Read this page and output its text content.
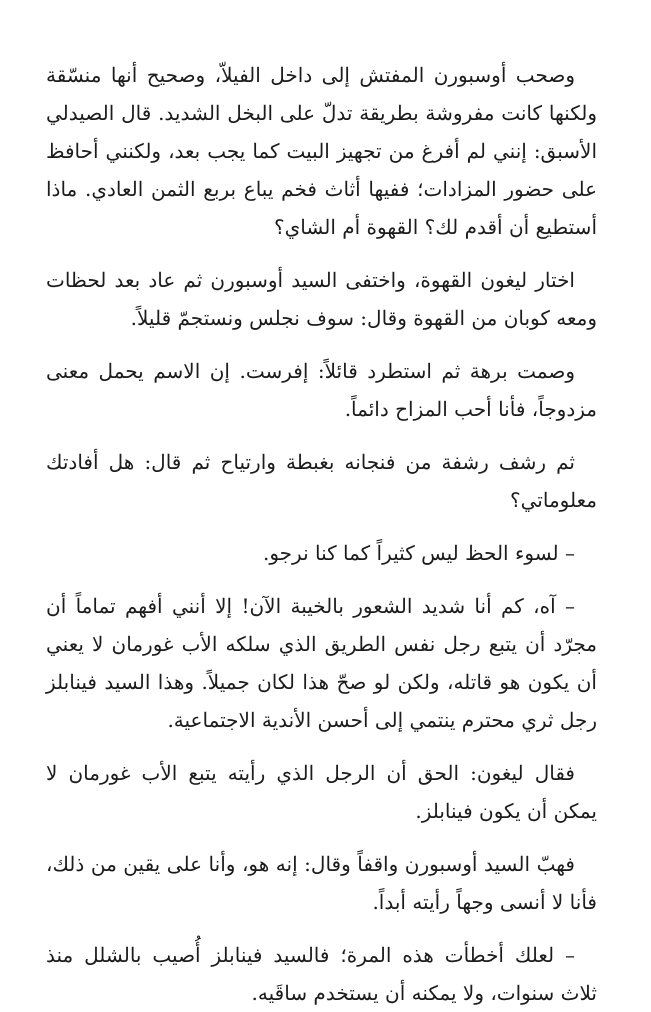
وصحب أوسبورن المفتش إلى داخل الفيلاّ، وصحيح أنها منسّقة ولكنها كانت مفروشة بطريقة تدلّ على البخل الشديد. قال الصيدلي الأسبق: إنني لم أفرغ من تجهيز البيت كما يجب بعد، ولكنني أحافظ على حضور المزادات؛ ففيها أثاث فخم يباع بربع الثمن العادي. ماذا أستطيع أن أقدم لك؟ القهوة أم الشاي؟

اختار ليغون القهوة، واختفى السيد أوسبورن ثم عاد بعد لحظات ومعه كوبان من القهوة وقال: سوف نجلس ونستجمّ قليلاً.

وصمت برهة ثم استطرد قائلاً: إفرست. إن الاسم يحمل معنى مزدوجاً، فأنا أحب المزاح دائماً.

ثم رشف رشفة من فنجانه بغبطة وارتياح ثم قال: هل أفادتك معلوماتي؟

– لسوء الحظ ليس كثيراً كما كنا نرجو.

– آه، كم أنا شديد الشعور بالخيبة الآن! إلا أنني أفهم تماماً أن مجرّد أن يتبع رجل نفس الطريق الذي سلكه الأب غورمان لا يعني أن يكون هو قاتله، ولكن لو صحّ هذا لكان جميلاً. وهذا السيد فينابلز رجل ثري محترم ينتمي إلى أحسن الأندية الاجتماعية.

فقال ليغون: الحق أن الرجل الذي رأيته يتبع الأب غورمان لا يمكن أن يكون فينابلز.

فهبّ السيد أوسبورن واقفاً وقال: إنه هو، وأنا على يقين من ذلك، فأنا لا أنسى وجهاً رأيته أبداً.

– لعلك أخطأت هذه المرة؛ فالسيد فينابلز أُصيب بالشلل منذ ثلاث سنوات، ولا يمكنه أن يستخدم ساقَيه.
